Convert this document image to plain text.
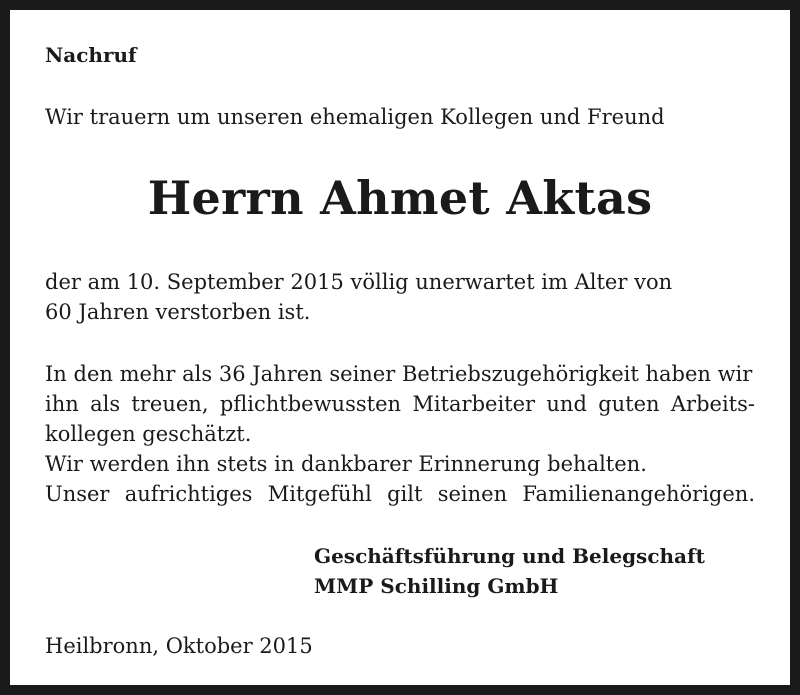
Nachruf

Wir trauern um unseren ehemaligen Kollegen und Freund

Herrn Ahmet Aktas

der am 10. September 2015 völlig unerwartet im Alter von

60 Jahren verstorben ist.

In den mehr als 36 Jahren seiner Betriebszugehörigkeit haben wir

ihn als treuen, pflichtbewussten Mitarbeiter und guten Arbeits-

kollegen geschätzt.

Wir werden ihn stets in dankbarer Erinnerung behalten.

Unser aufrichtiges Mitgefühl gilt seinen Familienangehörigen.

Geschäftsführung und Belegschaft

MMP Schilling GmbH

Heilbronn, Oktober 2015
